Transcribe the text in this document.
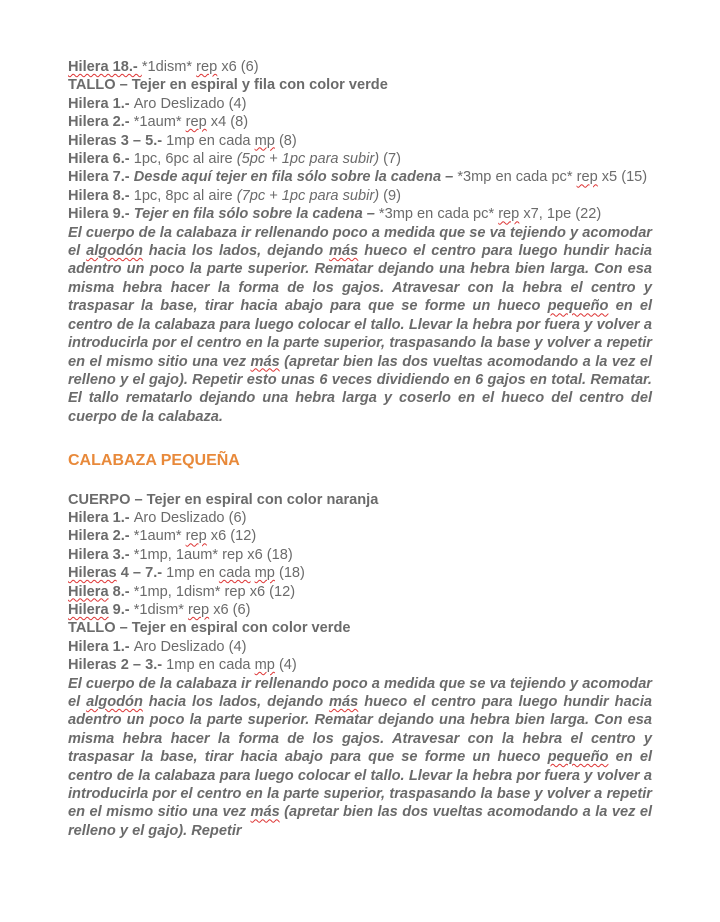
Hilera 18.- *1dism* rep x6 (6)
TALLO – Tejer en espiral y fila con color verde
Hilera 1.- Aro Deslizado (4)
Hilera 2.- *1aum* rep x4 (8)
Hileras 3 – 5.- 1mp en cada mp (8)
Hilera 6.- 1pc, 6pc al aire (5pc + 1pc para subir) (7)
Hilera 7.- Desde aquí tejer en fila sólo sobre la cadena – *3mp en cada pc* rep x5 (15)
Hilera 8.- 1pc, 8pc al aire (7pc + 1pc para subir) (9)
Hilera 9.- Tejer en fila sólo sobre la cadena – *3mp en cada pc* rep x7, 1pe (22)
El cuerpo de la calabaza ir rellenando poco a medida que se va tejiendo y acomodar el algodón hacia los lados, dejando más hueco el centro para luego hundir hacia adentro un poco la parte superior. Rematar dejando una hebra bien larga. Con esa misma hebra hacer la forma de los gajos. Atravesar con la hebra el centro y traspasar la base, tirar hacia abajo para que se forme un hueco pequeño en el centro de la calabaza para luego colocar el tallo. Llevar la hebra por fuera y volver a introducirla por el centro en la parte superior, traspasando la base y volver a repetir en el mismo sitio una vez más (apretar bien las dos vueltas acomodando a la vez el relleno y el gajo). Repetir esto unas 6 veces dividiendo en 6 gajos en total. Rematar. El tallo rematarlo dejando una hebra larga y coserlo en el hueco del centro del cuerpo de la calabaza.
CALABAZA PEQUEÑA
CUERPO – Tejer en espiral con color naranja
Hilera 1.- Aro Deslizado (6)
Hilera 2.- *1aum* rep x6 (12)
Hilera 3.- *1mp, 1aum* rep x6 (18)
Hileras 4 – 7.- 1mp en cada mp (18)
Hilera 8.- *1mp, 1dism* rep x6 (12)
Hilera 9.- *1dism* rep x6 (6)
TALLO – Tejer en espiral con color verde
Hilera 1.- Aro Deslizado (4)
Hileras 2 – 3.- 1mp en cada mp (4)
El cuerpo de la calabaza ir rellenando poco a medida que se va tejiendo y acomodar el algodón hacia los lados, dejando más hueco el centro para luego hundir hacia adentro un poco la parte superior. Rematar dejando una hebra bien larga. Con esa misma hebra hacer la forma de los gajos. Atravesar con la hebra el centro y traspasar la base, tirar hacia abajo para que se forme un hueco pequeño en el centro de la calabaza para luego colocar el tallo. Llevar la hebra por fuera y volver a introducirla por el centro en la parte superior, traspasando la base y volver a repetir en el mismo sitio una vez más (apretar bien las dos vueltas acomodando a la vez el relleno y el gajo). Repetir
